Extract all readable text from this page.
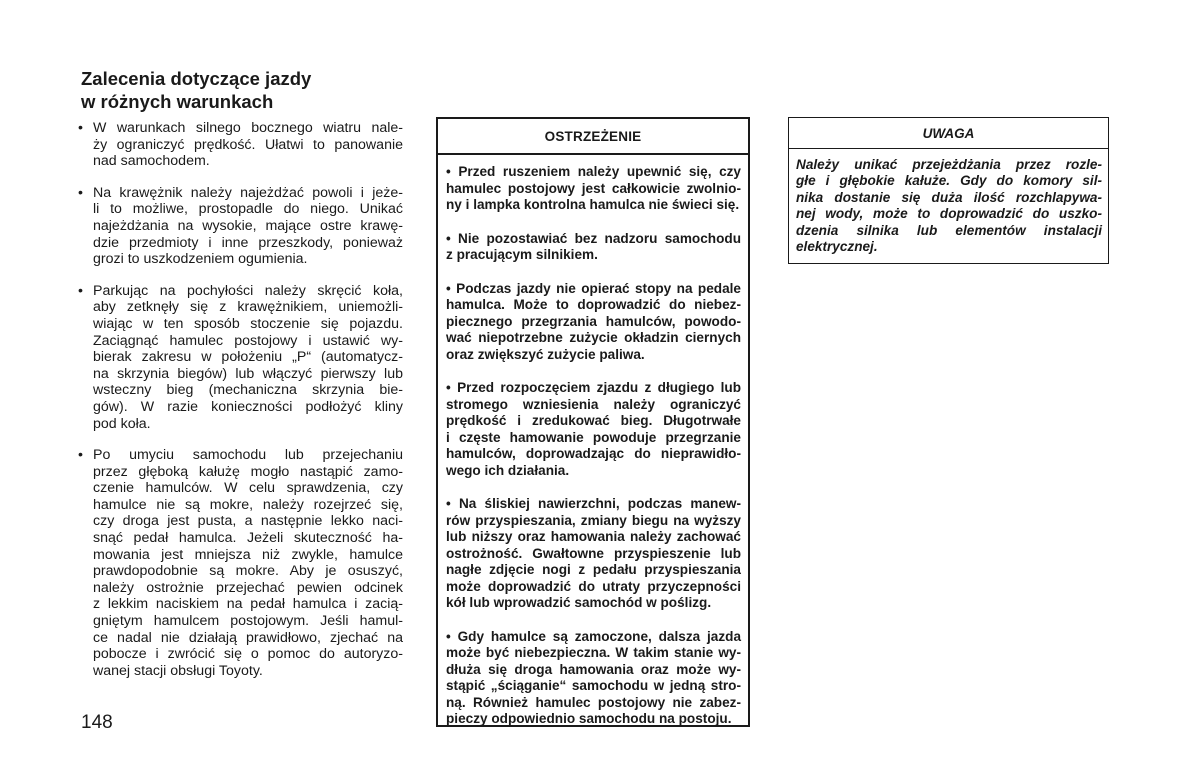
Zalecenia dotyczące jazdy
w różnych warunkach
• W warunkach silnego bocznego wiatru nale-
ży ograniczyć prędkość. Ułatwi to panowanie
nad samochodem.
• Na krawężnik należy najeżdżać powoli i jeże-
li to możliwe, prostopadle do niego. Unikać
najeżdżania na wysokie, mające ostre krawę-
dzie przedmioty i inne przeszkody, ponieważ
grozi to uszkodzeniem ogumienia.
• Parkując na pochyłości należy skręcić koła,
aby zetknęły się z krawężnikiem, uniemożli-
wiając w ten sposób stoczenie się pojazdu.
Zaciągnąć hamulec postojowy i ustawić wy-
bierak zakresu w położeniu „P“ (automatycz-
na skrzynia biegów) lub włączyć pierwszy lub
wsteczny bieg (mechaniczna skrzynia bie-
gów). W razie konieczności podłożyć kliny
pod koła.
• Po umyciu samochodu lub przejechaniu
przez głęboką kałużę mogło nastąpić zamo-
czenie hamulców. W celu sprawdzenia, czy
hamulce nie są mokre, należy rozejrzeć się,
czy droga jest pusta, a następnie lekko naci-
snąć pedał hamulca. Jeżeli skuteczność ha-
mowania jest mniejsza niż zwykle, hamulce
prawdopodobnie są mokre. Aby je osuszyć,
należy ostrożnie przejechać pewien odcinek
z lekkim naciskiem na pedał hamulca i zacią-
gniętym hamulcem postojowym. Jeśli hamul-
ce nadal nie działają prawidłowo, zjechać na
pobocze i zwrócić się o pomoc do autoryzo-
wanej stacji obsługi Toyoty.
OSTRZEŻENIE
• Przed ruszeniem należy upewnić się, czy
hamulec postojowy jest całkowicie zwolnio-
ny i lampka kontrolna hamulca nie świeci się.
• Nie pozostawiać bez nadzoru samochodu
z pracującym silnikiem.
• Podczas jazdy nie opierać stopy na pedale
hamulca. Może to doprowadzić do niebez-
piecznego przegrzania hamulców, powodo-
wać niepotrzebne zużycie okładzin ciernych
oraz zwiększyć zużycie paliwa.
• Przed rozpoczęciem zjazdu z długiego lub
stromego wzniesienia należy ograniczyć
prędkość i zredukować bieg. Długotrwałe
i częste hamowanie powoduje przegrzanie
hamulców, doprowadzając do nieprawidło-
wego ich działania.
• Na śliskiej nawierzchni, podczas manew-
rów przyspieszania, zmiany biegu na wyższy
lub niższy oraz hamowania należy zachować
ostrożność. Gwałtowne przyspieszenie lub
nagłe zdjęcie nogi z pedału przyspieszania
może doprowadzić do utraty przyczepności
kół lub wprowadzić samochód w poślizg.
• Gdy hamulce są zamoczone, dalsza jazda
może być niebezpieczna. W takim stanie wy-
dłuża się droga hamowania oraz może wy-
stąpić „ściąganie“ samochodu w jedną stro-
ną. Również hamulec postojowy nie zabez-
pieczy odpowiednio samochodu na postoju.
UWAGA
Należy unikać przejeżdżania przez rozle-
głe i głębokie kałuże. Gdy do komory sil-
nika dostanie się duża ilość rozchlapywa-
nej wody, może to doprowadzić do uszko-
dzenia silnika lub elementów instalacji
elektrycznej.
148
